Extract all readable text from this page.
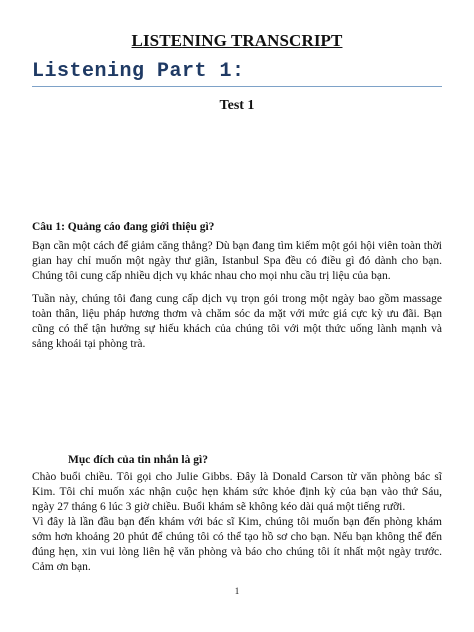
LISTENING TRANSCRIPT
Listening Part 1:
Test 1
Câu 1: Quảng cáo đang giới thiệu gì?
Bạn cần một cách để giảm căng thẳng? Dù bạn đang tìm kiếm một gói hội viên toàn thời gian hay chỉ muốn một ngày thư giãn, Istanbul Spa đều có điều gì đó dành cho bạn. Chúng tôi cung cấp nhiều dịch vụ khác nhau cho mọi nhu cầu trị liệu của bạn.
Tuần này, chúng tôi đang cung cấp dịch vụ trọn gói trong một ngày bao gồm massage toàn thân, liệu pháp hương thơm và chăm sóc da mặt với mức giá cực kỳ ưu đãi. Bạn cũng có thể tận hưởng sự hiếu khách của chúng tôi với một thức uống lành mạnh và sảng khoái tại phòng trà.
Mục đích của tin nhắn là gì?
Chào buổi chiều. Tôi gọi cho Julie Gibbs. Đây là Donald Carson từ văn phòng bác sĩ Kim. Tôi chỉ muốn xác nhận cuộc hẹn khám sức khỏe định kỳ của bạn vào thứ Sáu, ngày 27 tháng 6 lúc 3 giờ chiều. Buổi khám sẽ không kéo dài quá một tiếng rưỡi.
Vì đây là lần đầu bạn đến khám với bác sĩ Kim, chúng tôi muốn bạn đến phòng khám sớm hơn khoảng 20 phút để chúng tôi có thể tạo hồ sơ cho bạn. Nếu bạn không thể đến đúng hẹn, xin vui lòng liên hệ văn phòng và báo cho chúng tôi ít nhất một ngày trước. Cảm ơn bạn.
1
